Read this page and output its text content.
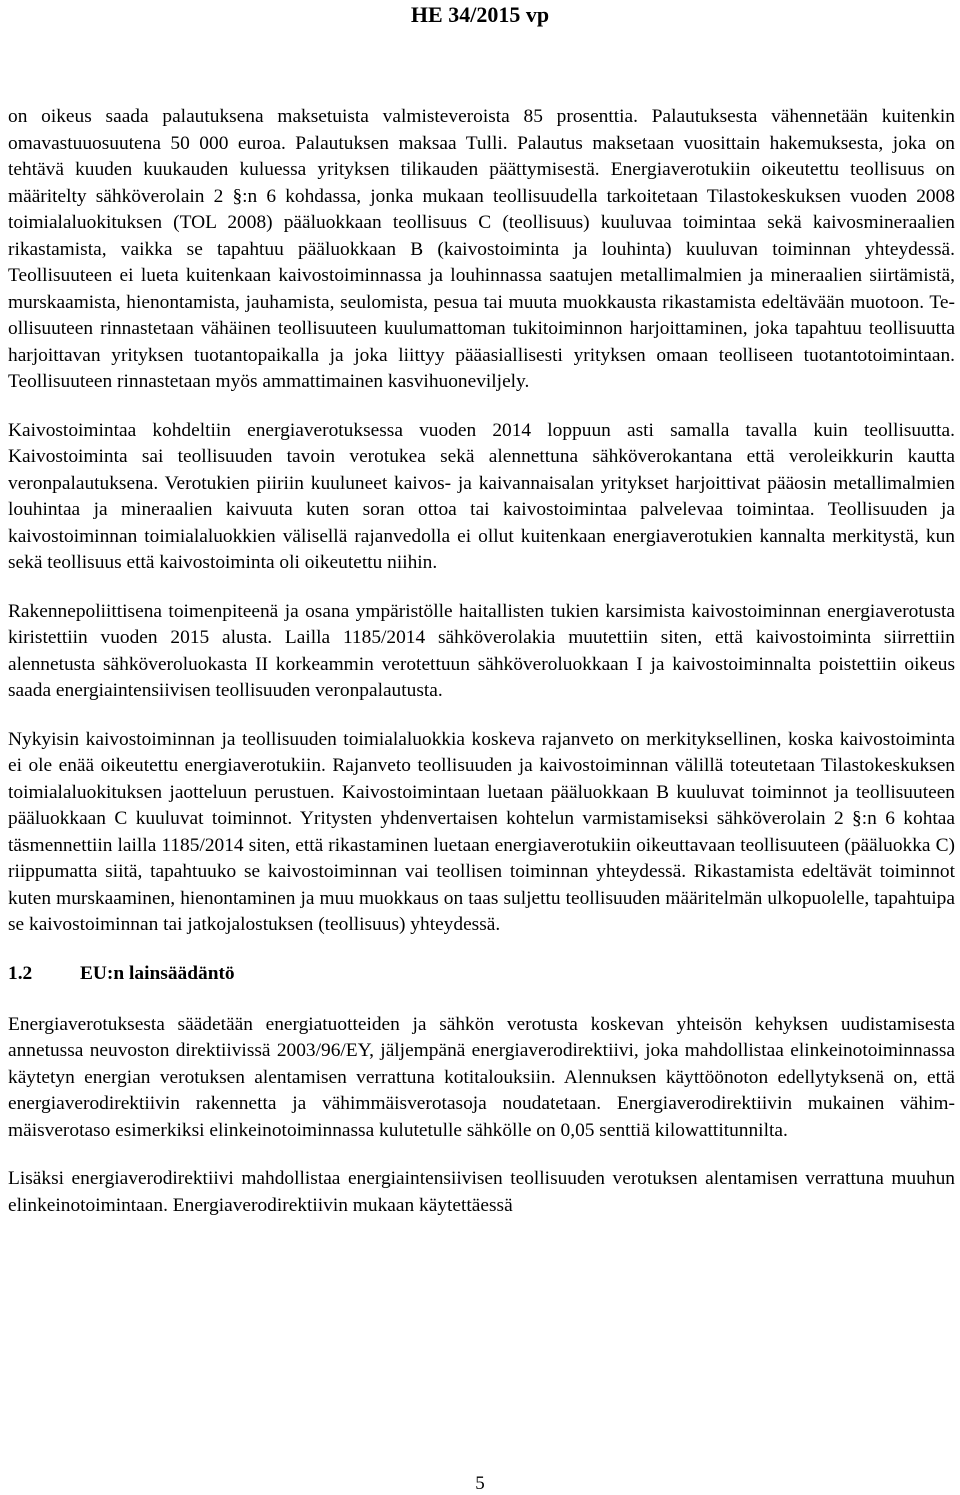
HE 34/2015 vp

on oikeus saada palautuksena maksetuista valmisteveroista 85 prosenttia. Palautuksesta vähennetään kuitenkin omavastuuosuutena 50 000 euroa. Palautuksen maksaa Tulli. Palautus maksetaan vuosittain hakemuksesta, joka on tehtävä kuuden kuukauden kuluessa yrityksen tilikauden päättymisestä. Energiaverotukiin oikeutettu teollisuus on määritelty sähköverolain 2 §:n 6 kohdassa, jonka mukaan teollisuudella tarkoitetaan Tilastokeskuksen vuoden 2008 toimialaluokituksen (TOL 2008) pääluokkaan teollisuus C (teollisuus) kuuluvaa toimintaa sekä kaivosmineraalien rikastamista, vaikka se tapahtuu pääluokkaan B (kaivostoiminta ja louhinta) kuuluvan toiminnan yhteydessä. Teollisuuteen ei lueta kuitenkaan kaivostoiminnassa ja louhinnassa saatujen metallimalmien ja mineraalien siirtämistä, murskaamista, hienontamista, jauhamista, seulomista, pesua tai muuta muokkausta rikastamista edeltävään muotoon. Teollisuuteen rinnastetaan vähäinen teollisuuteen kuulumattoman tukitoiminnon harjoittaminen, joka tapahtuu teollisuutta harjoittavan yrityksen tuotantopaikalla ja joka liittyy pääasiallisesti yrityksen omaan teolliseen tuotantotoimintaan. Teollisuuteen rinnastetaan myös ammattimainen kasvihuoneviljely.

Kaivostoimintaa kohdeltiin energiaverotuksessa vuoden 2014 loppuun asti samalla tavalla kuin teollisuutta. Kaivostoiminta sai teollisuuden tavoin verotukea sekä alennettuna sähköverokantana että veroleikkurin kautta veronpalautuksena. Verotukien piiriin kuuluneet kaivos- ja kaivannaisalan yritykset harjoittivat pääosin metallimalmien louhintaa ja mineraalien kaivuuta kuten soran ottoa tai kaivostoimintaa palvelevaa toimintaa. Teollisuuden ja kaivostoiminnan toimialaluokkien välisellä rajanvedolla ei ollut kuitenkaan energiaverotukien kannalta merkitystä, kun sekä teollisuus että kaivostoiminta oli oikeutettu niihin.

Rakennepoliittisena toimenpiteenä ja osana ympäristölle haitallisten tukien karsimista kaivostoiminnan energiaverotusta kiristettiin vuoden 2015 alusta. Lailla 1185/2014 sähköverolakia muutettiin siten, että kaivostoiminta siirrettiin alennetusta sähköveroluokasta II korkeammin verotettuun sähköveroluokkaan I ja kaivostoiminnalta poistettiin oikeus saada energiaintensiivisen teollisuuden veronpalautusta.

Nykyisin kaivostoiminnan ja teollisuuden toimialaluokkia koskeva rajanveto on merkityksellinen, koska kaivostoiminta ei ole enää oikeutettu energiaverotukiin. Rajanveto teollisuuden ja kaivostoiminnan välillä toteutetaan Tilastokeskuksen toimialaluokituksen jaotteluun perustuen. Kaivostoimintaan luetaan pääluokkaan B kuuluvat toiminnot ja teollisuuteen pääluokkaan C kuuluvat toiminnot. Yritysten yhdenvertaisen kohtelun varmistamiseksi sähköverolain 2 §:n 6 kohtaa täsmennettiin lailla 1185/2014 siten, että rikastaminen luetaan energiaverotukiin oikeuttavaan teollisuuteen (pääluokka C) riippumatta siitä, tapahtuuko se kaivostoiminnan vai teollisen toiminnan yhteydessä. Rikastamista edeltävät toiminnot kuten murskaaminen, hienontaminen ja muu muokkaus on taas suljettu teollisuuden määritelmän ulkopuolelle, tapahtuipa se kaivostoiminnan tai jatkojalostuksen (teollisuus) yhteydessä.

1.2	EU:n lainsäädäntö

Energiaverotuksesta säädetään energiatuotteiden ja sähkön verotusta koskevan yhteisön kehyksen uudistamisesta annetussa neuvoston direktiivissä 2003/96/EY, jäljempänä energiaverodirektiivi, joka mahdollistaa elinkeinotoiminnassa käytetyn energian verotuksen alentamisen verrattuna kotitalouksiin. Alennuksen käyttöönoton edellytyksenä on, että energiaverodirektiivin rakennetta ja vähimmäisverotasoja noudatetaan. Energiaverodirektiivin mukainen vähimmäisverotaso esimerkiksi elinkeinotoiminnassa kulutetulle sähkölle on 0,05 senttiä kilowattitunnilta.

Lisäksi energiaverodirektiivi mahdollistaa energiaintensiivisen teollisuuden verotuksen alentamisen verrattuna muuhun elinkeinotoimintaan. Energiaverodirektiivin mukaan käytettäessä

5
